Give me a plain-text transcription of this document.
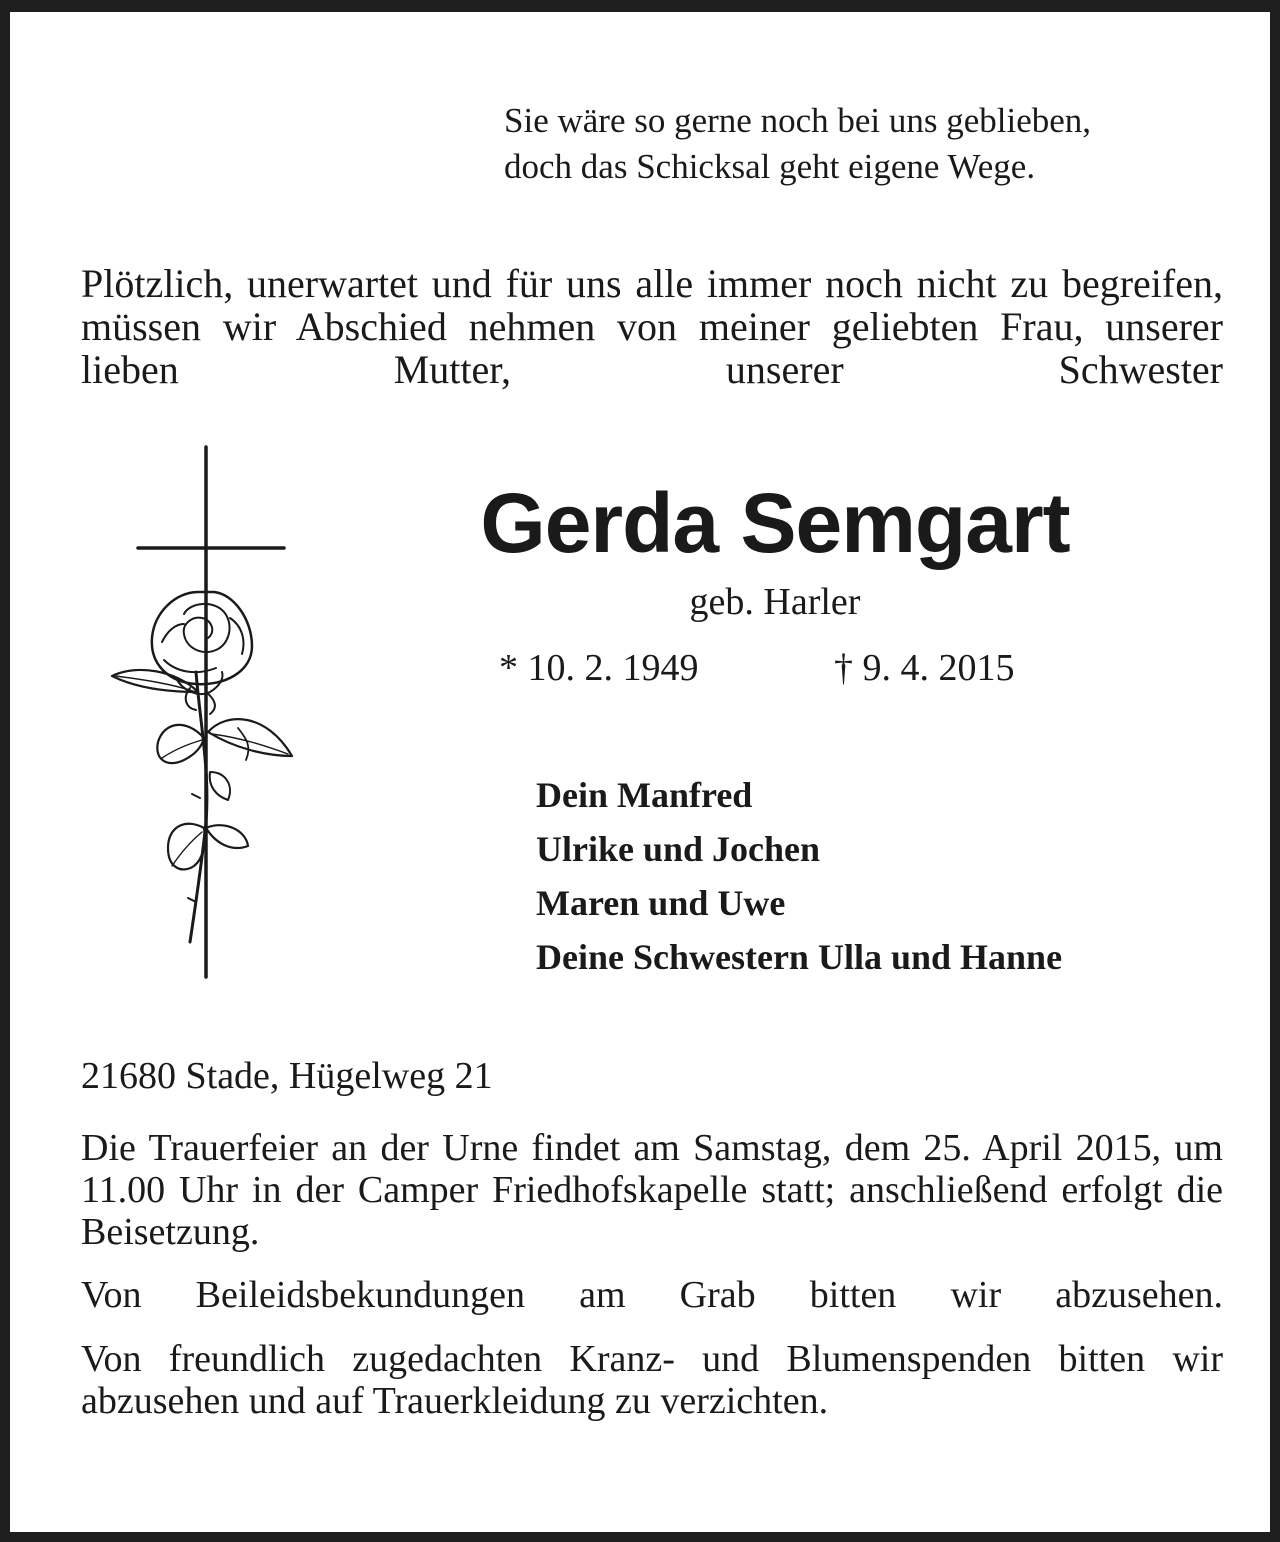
Sie wäre so gerne noch bei uns geblieben,
doch das Schicksal geht eigene Wege.
Plötzlich, unerwartet und für uns alle immer noch nicht zu begreifen, müssen wir Abschied nehmen von meiner geliebten Frau, unserer lieben Mutter, unserer Schwester
Gerda Semgart
geb. Harler
* 10. 2. 1949	† 9. 4. 2015
Dein Manfred
Ulrike und Jochen
Maren und Uwe
Deine Schwestern Ulla und Hanne
21680 Stade, Hügelweg 21
Die Trauerfeier an der Urne findet am Samstag, dem 25. April 2015, um 11.00 Uhr in der Camper Friedhofskapelle statt; anschließend erfolgt die Beisetzung.
Von Beileidsbekundungen am Grab bitten wir abzusehen.
Von freundlich zugedachten Kranz- und Blumenspenden bitten wir abzusehen und auf Trauerkleidung zu verzichten.
